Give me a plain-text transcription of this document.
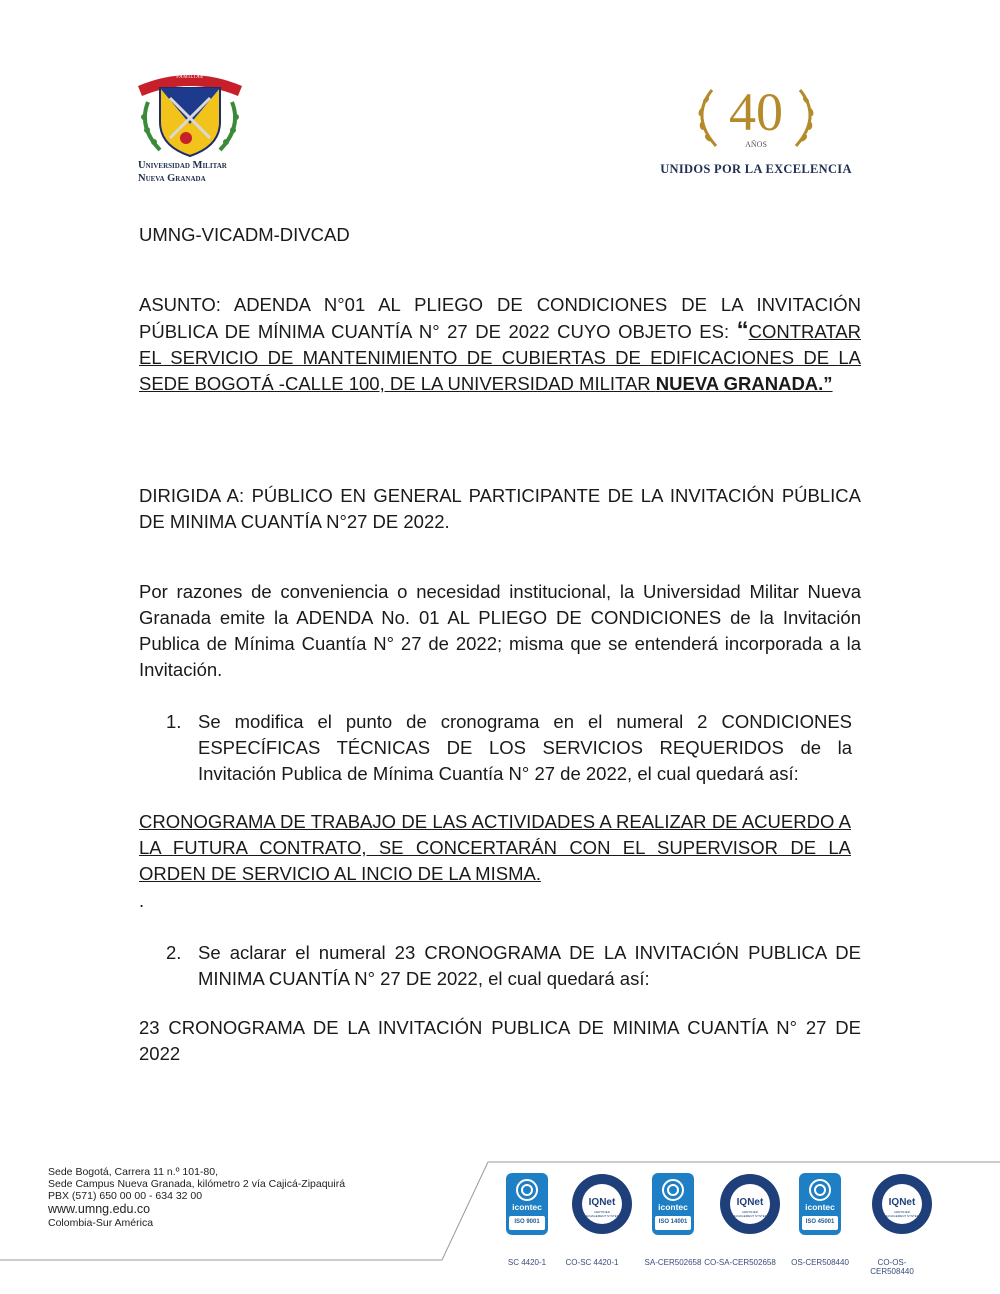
SCIENTIAE PATRIAE FAMILIAE
Universidad Militar
Nueva Granada
40
AÑOS
UNIDOS POR LA EXCELENCIA
UMNG-VICADM-DIVCAD
ASUNTO: ADENDA N°01 AL PLIEGO DE CONDICIONES DE LA INVITACIÓN PÚBLICA DE MÍNIMA CUANTÍA N° 27 DE 2022 CUYO OBJETO ES: “CONTRATAR EL SERVICIO DE MANTENIMIENTO DE CUBIERTAS DE EDIFICACIONES DE LA SEDE BOGOTÁ -CALLE 100, DE LA UNIVERSIDAD MILITAR NUEVA GRANADA.”
DIRIGIDA A: PÚBLICO EN GENERAL PARTICIPANTE DE LA INVITACIÓN PÚBLICA DE MINIMA CUANTÍA N°27 DE 2022.
Por razones de conveniencia o necesidad institucional, la Universidad Militar Nueva Granada emite la ADENDA No. 01 AL PLIEGO DE CONDICIONES de la Invitación Publica de Mínima Cuantía N° 27 de 2022; misma que se entenderá incorporada a la Invitación.
1. Se modifica el punto de cronograma en el numeral 2 CONDICIONES ESPECÍFICAS TÉCNICAS DE LOS SERVICIOS REQUERIDOS de la Invitación Publica de Mínima Cuantía N° 27 de 2022, el cual quedará así:
CRONOGRAMA DE TRABAJO DE LAS ACTIVIDADES A REALIZAR DE ACUERDO A LA FUTURA CONTRATO, SE CONCERTARÁN CON EL SUPERVISOR DE LA ORDEN DE SERVICIO AL INCIO DE LA MISMA.
.
2. Se aclarar el numeral 23 CRONOGRAMA DE LA INVITACIÓN PUBLICA DE MINIMA CUANTÍA N° 27 DE 2022, el cual quedará así:
23 CRONOGRAMA DE LA INVITACIÓN PUBLICA DE MINIMA CUANTÍA N° 27 DE 2022
Sede Bogotá, Carrera 11 n.º 101-80,
Sede Campus Nueva Granada, kilómetro 2 vía Cajicá-Zipaquirá
PBX (571) 650 00 00 - 634 32 00
www.umng.edu.co
Colombia-Sur América
icontec
ISO 9001
SC 4420-1
IQNet
CERTIFIED MANAGEMENT SYSTEM
CO-SC 4420-1
icontec
ISO 14001
SA-CER502658
IQNet
CERTIFIED MANAGEMENT SYSTEM
CO-SA-CER502658
icontec
ISO 45001
OS-CER508440
IQNet
CERTIFIED MANAGEMENT SYSTEM
CO-OS-CER508440
